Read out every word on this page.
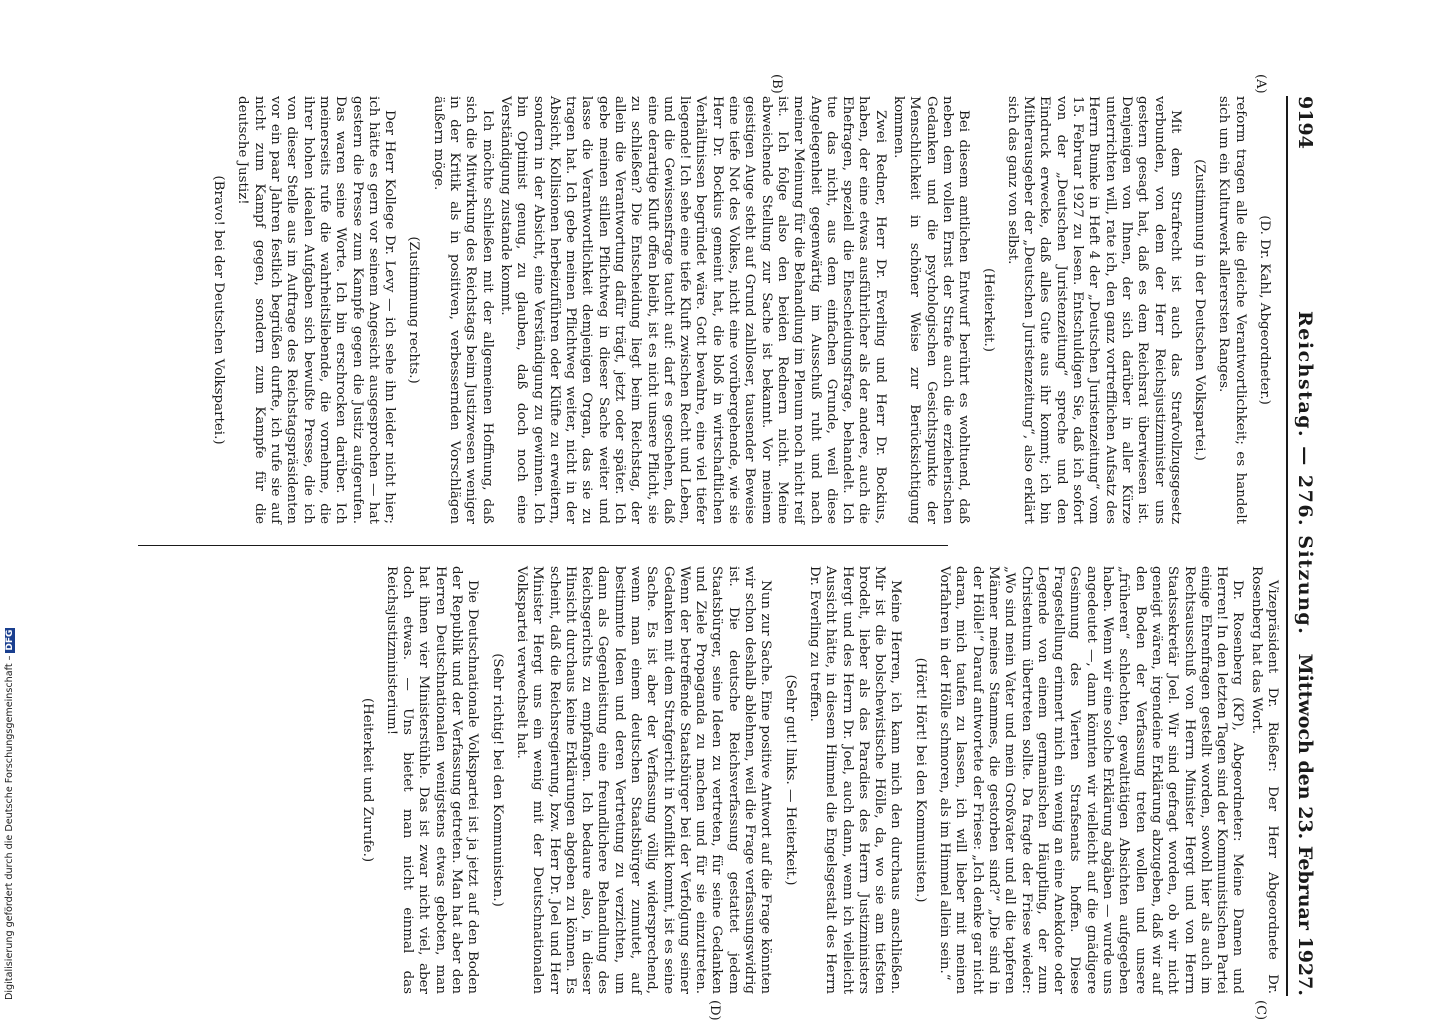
9194
Reichstag. — 276. Sitzung.
Mittwoch den 23. Februar 1927.
(A)
(B)
(C)
(D)

(D. Dr. Kahl, Abgeordneter.)

reform tragen alle die gleiche Verantwortlichkeit; es handelt sich um ein Kulturwerk allerersten Ranges.

(Zustimmung in der Deutschen Volkspartei.)

Mit dem Strafrecht ist auch das Strafvollzugsgesetz verbunden, von dem der Herr Reichsjustizminister uns gestern gesagt hat, daß es dem Reichsrat überwiesen ist. Denjenigen von Ihnen, der sich darüber in aller Kürze unterrichten will, rate ich, den ganz vortrefflichen Aufsatz des Herrn Bumke in Heft 4 der „Deutschen Juristenzeitung“ vom 15. Februar 1927 zu lesen. Entschuldigen Sie, daß ich sofort von der „Deutschen Juristenzeitung“ spreche und den Eindruck erwecke, daß alles Gute aus ihr kommt; ich bin Mitherausgeber der „Deutschen Juristenzeitung“, also erklärt sich das ganz von selbst.

(Heiterkeit.)

Bei diesem amtlichen Entwurf berührt es wohltuend, daß neben dem vollen Ernst der Strafe auch die erzieherischen Gedanken und die psychologischen Gesichtspunkte der Menschlichkeit in schöner Weise zur Berücksichtigung kommen.

Zwei Redner, Herr Dr. Everling und Herr Dr. Bockius, haben, der eine etwas ausführlicher als der andere, auch die Ehefragen, speziell die Ehescheidungsfrage, behandelt. Ich tue das nicht, aus dem einfachen Grunde, weil diese Angelegenheit gegenwärtig im Ausschuß ruht und nach meiner Meinung für die Behandlung im Plenum noch nicht reif ist. Ich folge also den beiden Rednern nicht. Meine abweichende Stellung zur Sache ist bekannt. Vor meinem geistigen Auge steht auf Grund zahlloser, tausender Beweise eine tiefe Not des Volkes, nicht eine vorübergehende, wie sie Herr Dr. Bockius gemeint hat, die bloß in wirtschaftlichen Verhältnissen begründet wäre. Gott bewahre, eine viel tiefer liegende! Ich sehe eine tiefe Kluft zwischen Recht und Leben, und die Gewissensfrage taucht auf: darf es geschehen, daß eine derartige Kluft offen bleibt, ist es nicht unsere Pflicht, sie zu schließen? Die Entscheidung liegt beim Reichstag, der allein die Verantwortung dafür trägt, jetzt oder später. Ich gebe meinen stillen Pflichtweg in dieser Sache weiter und lasse die Verantwortlichkeit demjenigen Organ, das sie zu tragen hat. Ich gebe meinen Pflichtweg weiter, nicht in der Absicht, Kollisionen herbeizuführen oder Klüfte zu erweitern, sondern in der Absicht, eine Verständigung zu gewinnen. Ich bin Optimist genug, zu glauben, daß doch noch eine Verständigung zustande kommt.

Ich möchte schließen mit der allgemeinen Hoffnung, daß sich die Mitwirkung des Reichstags beim Justizwesen weniger in der Kritik als in positiven, verbessernden Vorschlägen äußern möge.

(Zustimmung rechts.)

Der Herr Kollege Dr. Levy — ich sehe ihn leider nicht hier; ich hätte es gern vor seinem Angesicht ausgesprochen — hat gestern die Presse zum Kampfe gegen die Justiz aufgerufen. Das waren seine Worte. Ich bin erschrocken darüber. Ich meinerseits rufe die wahrheitsliebende, die vornehme, die ihrer hohen idealen Aufgaben sich bewußte Presse, die ich von dieser Stelle aus im Auftrage des Reichstagspräsidenten vor ein paar Jahren festlich begrüßen durfte, ich rufe sie auf nicht zum Kampf gegen, sondern zum Kampfe für die deutsche Justiz!

(Bravo! bei der Deutschen Volkspartei.)

Vizepräsident Dr. Rießer: Der Herr Abgeordnete Dr. Rosenberg hat das Wort.

Dr. Rosenberg (KP), Abgeordneter: Meine Damen und Herren! In den letzten Tagen sind der Kommunistischen Partei einige Ehrenfragen gestellt worden, sowohl hier als auch im Rechtsausschuß von Herrn Minister Hergt und von Herrn Staatssekretär Joel. Wir sind gefragt worden, ob wir nicht geneigt wären, irgendeine Erklärung abzugeben, daß wir auf den Boden der Verfassung treten wollen und unsere „früheren“ schlechten, gewalttätigen Absichten aufgegeben haben. Wenn wir eine solche Erklärung abgäben — wurde uns angedeutet —, dann könnten wir vielleicht auf die gnädigere Gesinnung des Vierten Strafsenats hoffen. Diese Fragestellung erinnert mich ein wenig an eine Anekdote oder Legende von einem germanischen Häuptling, der zum Christentum übertreten sollte. Da fragte der Friese wieder: „Wo sind mein Vater und mein Großvater und all die tapferen Männer meines Stammes, die gestorben sind?“ „Die sind in der Hölle!“ Darauf antwortete der Friese: „Ich denke gar nicht daran, mich taufen zu lassen, ich will lieber mit meinen Vorfahren in der Hölle schmoren, als im Himmel allein sein.“

(Hört! Hört! bei den Kommunisten.)

Meine Herren, ich kann mich den durchaus anschließen. Mir ist die bolschewistische Hölle, da, wo sie am tiefsten brodelt, lieber als das Paradies des Herrn Justizministers Hergt und des Herrn Dr. Joel, auch dann, wenn ich vielleicht Aussicht hätte, in diesem Himmel die Engelsgestalt des Herrn Dr. Everling zu treffen.

(Sehr gut! links. — Heiterkeit.)

Nun zur Sache. Eine positive Antwort auf die Frage könnten wir schon deshalb ablehnen, weil die Frage verfassungswidrig ist. Die deutsche Reichsverfassung gestattet jedem Staatsbürger, seine Ideen zu vertreten, für seine Gedanken und Ziele Propaganda zu machen und für sie einzutreten. Wenn der betreffende Staatsbürger bei der Verfolgung seiner Gedanken mit dem Strafgericht in Konflikt kommt, ist es seine Sache. Es ist aber der Verfassung völlig widersprechend, wenn man einem deutschen Staatsbürger zumutet, auf bestimmte Ideen und deren Vertretung zu verzichten, um dann als Gegenleistung eine freundlichere Behandlung des Reichsgerichts zu empfangen. Ich bedaure also, in dieser Hinsicht durchaus keine Erklärungen abgeben zu können. Es scheint, daß die Reichsregierung, bzw. Herr Dr. Joel und Herr Minister Hergt uns ein wenig mit der Deutschnationalen Volkspartei verwechselt hat.

(Sehr richtig! bei den Kommunisten.)

Die Deutschnationale Volkspartei ist ja jetzt auf den Boden der Republik und der Verfassung getreten. Man hat aber den Herren Deutschnationalen wenigstens etwas geboten, man hat ihnen vier Ministerstühle. Das ist zwar nicht viel, aber doch etwas. — Uns bietet man nicht einmal das Reichsjustizministerium!

(Heiterkeit und Zurufe.)

Digitalisierung gefördert durch die Deutsche Forschungsgemeinschaft –DFG
